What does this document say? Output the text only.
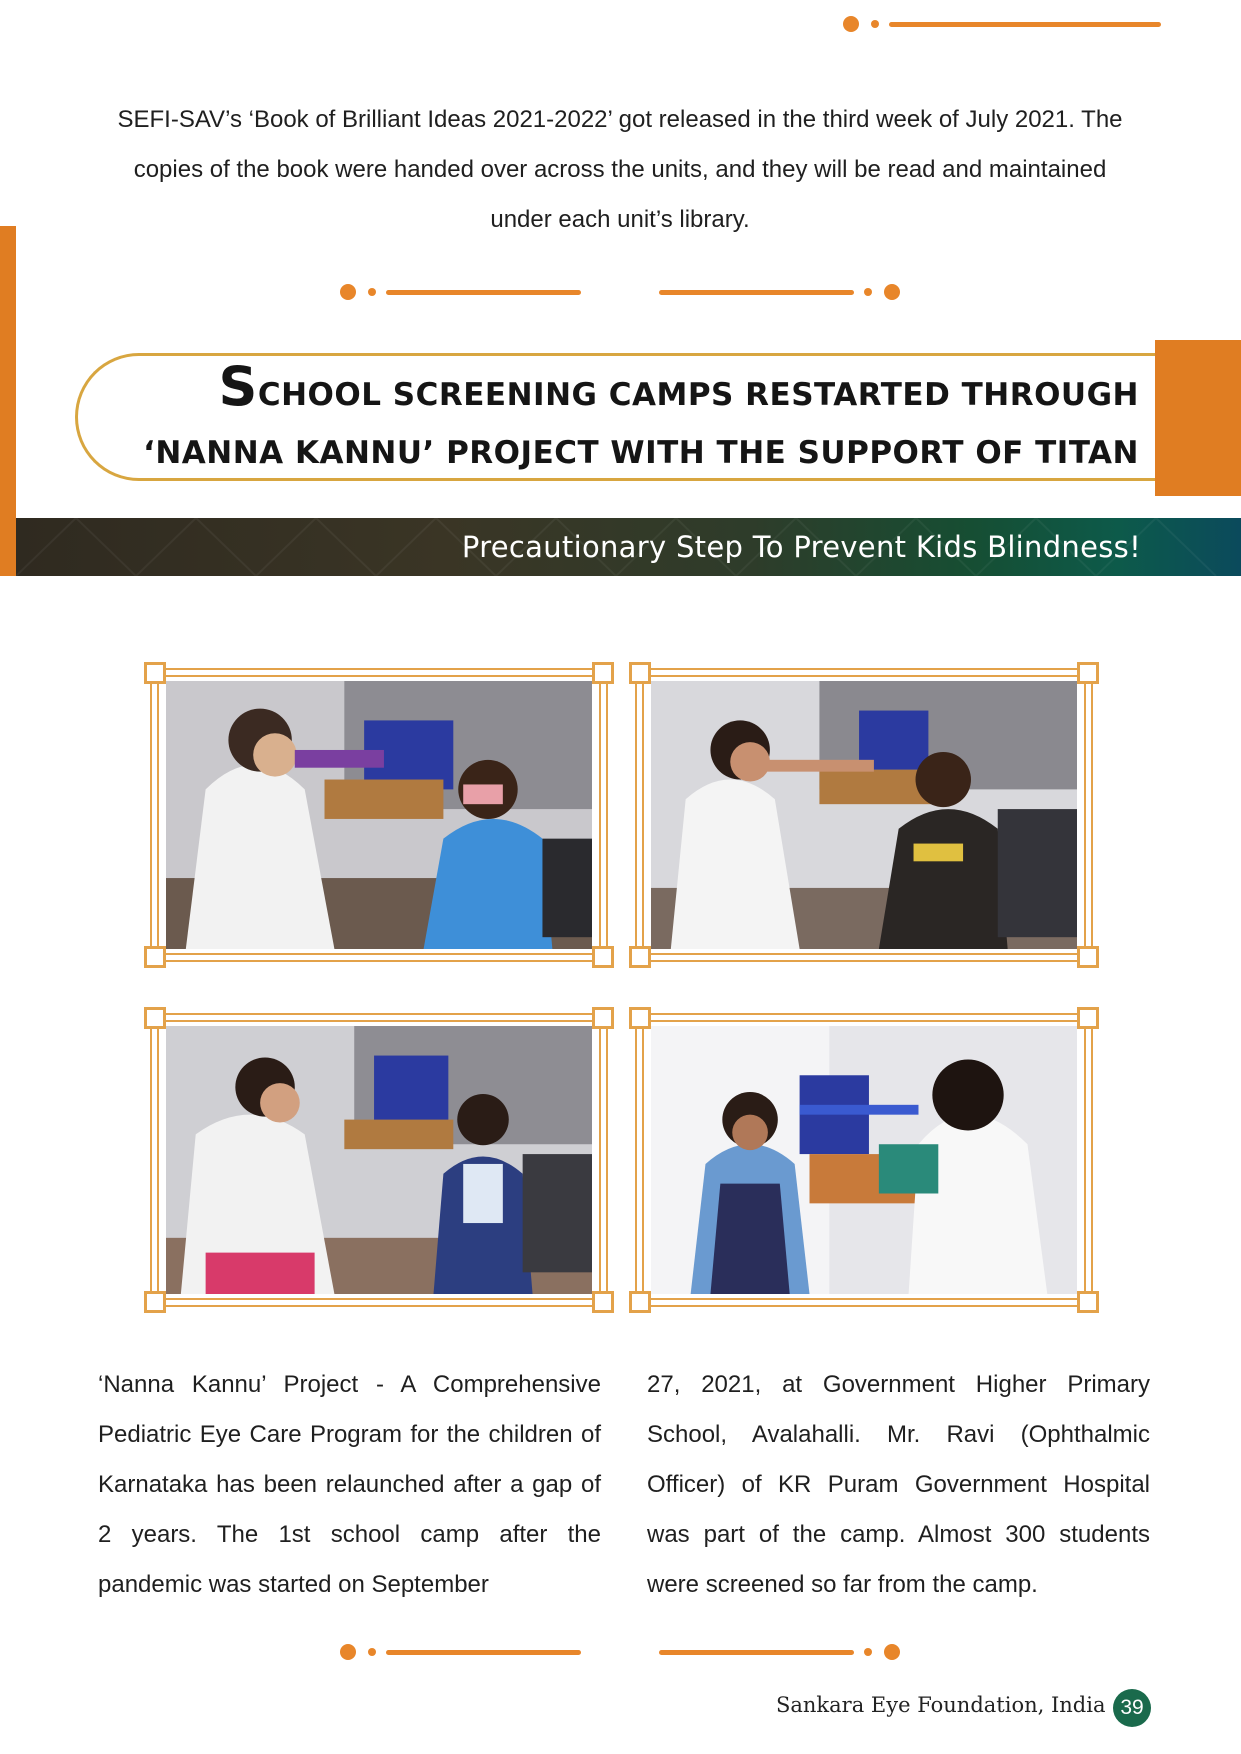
SEFI-SAV’s ‘Book of Brilliant Ideas 2021-2022’ got released in the third week of July 2021. The copies of the book were handed over across the units, and they will be read and maintained under each unit’s library.
SCHOOL SCREENING CAMPS RESTARTED THROUGH
‘NANNA KANNU’ PROJECT WITH THE SUPPORT OF TITAN
Precautionary Step To Prevent Kids Blindness!

‘Nanna Kannu’ Project - A Comprehensive Pediatric Eye Care Program for the children of Karnataka has been relaunched after a gap of 2 years. The 1st school camp after the pandemic was started on September

27, 2021, at Government Higher Primary School, Avalahalli. Mr. Ravi (Ophthalmic Officer) of KR Puram Government Hospital was part of the camp. Almost 300 students were screened so far from the camp.

Sankara Eye Foundation, India 39
